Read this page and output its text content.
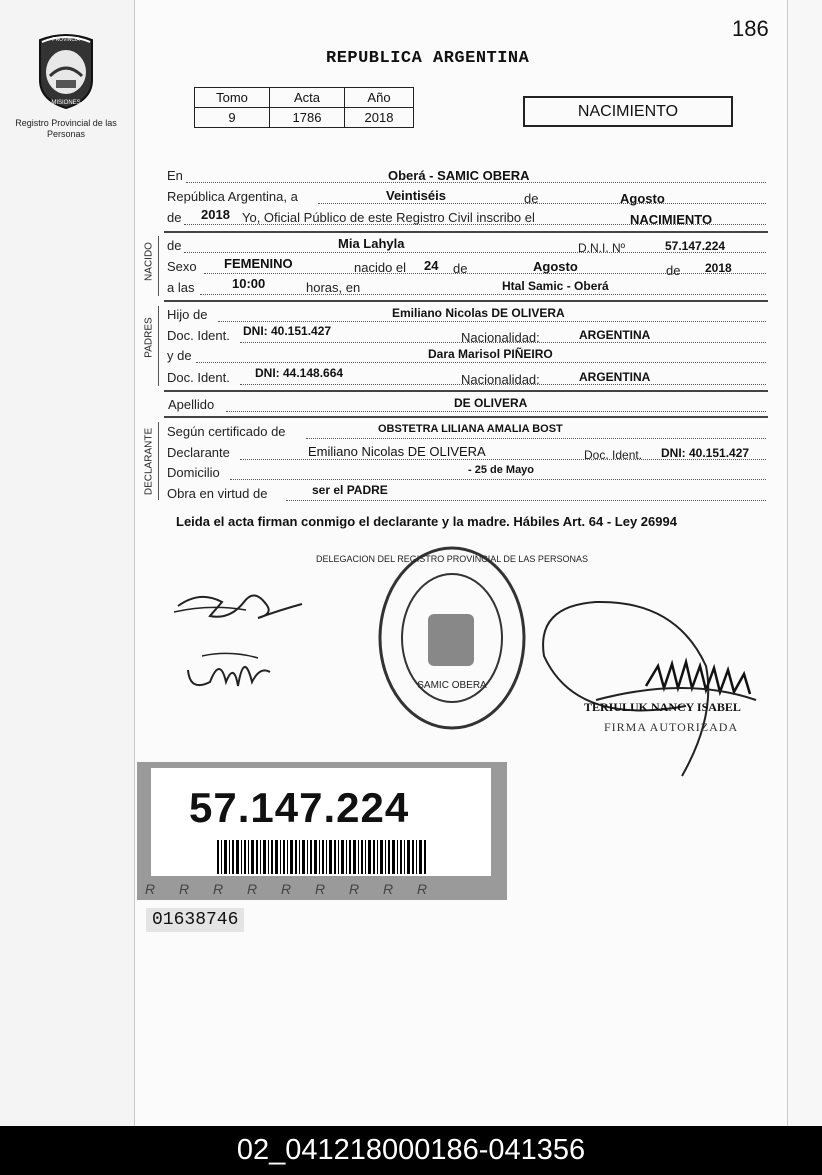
PROVINCIA
MISIONES
Registro Provincial de las Personas
186
REPUBLICA ARGENTINA
Tomo	Acta	Año
9	1786	2018	NACIMIENTO
En	Oberá - SAMIC OBERA
República Argentina, a	Veintiséis	de	Agosto
de 2018 Yo, Oficial Público de este Registro Civil inscribo el	NACIMIENTO
NACIDO de	Mia Lahyla	D.N.I. Nº	57.147.224
Sexo FEMENINO	nacido el 24 de	Agosto	de 2018
a las	10:00	horas, en	Htal Samic - Oberá
PADRES
Hijo de	Emiliano Nicolas DE OLIVERA
Doc. Ident. DNI: 40.151.427	Nacionalidad:	ARGENTINA
y de	Dara Marisol PIÑEIRO
Doc. Ident. DNI: 44.148.664	Nacionalidad:	ARGENTINA
Apellido	DE OLIVERA
DECLARANTE Según certificado de	OBSTETRA LILIANA AMALIA BOST
Declarante	Emiliano Nicolas DE OLIVERA	Doc. Ident. DNI: 40.151.427
Domicilio	- 25 de Mayo
Obra en virtud de	ser el PADRE
Leida el acta firman conmigo el declarante y la madre. Hábiles Art. 64 - Ley 26994
DELEGACION DEL REGISTRO PROVINCIAL DE LAS PERSONAS
SAMIC OBERA
TERIULUK NANCY ISABEL
FIRMA AUTORIZADA
57.147.224
R R R R R R R R R
01638746
02_041218000186-041356
